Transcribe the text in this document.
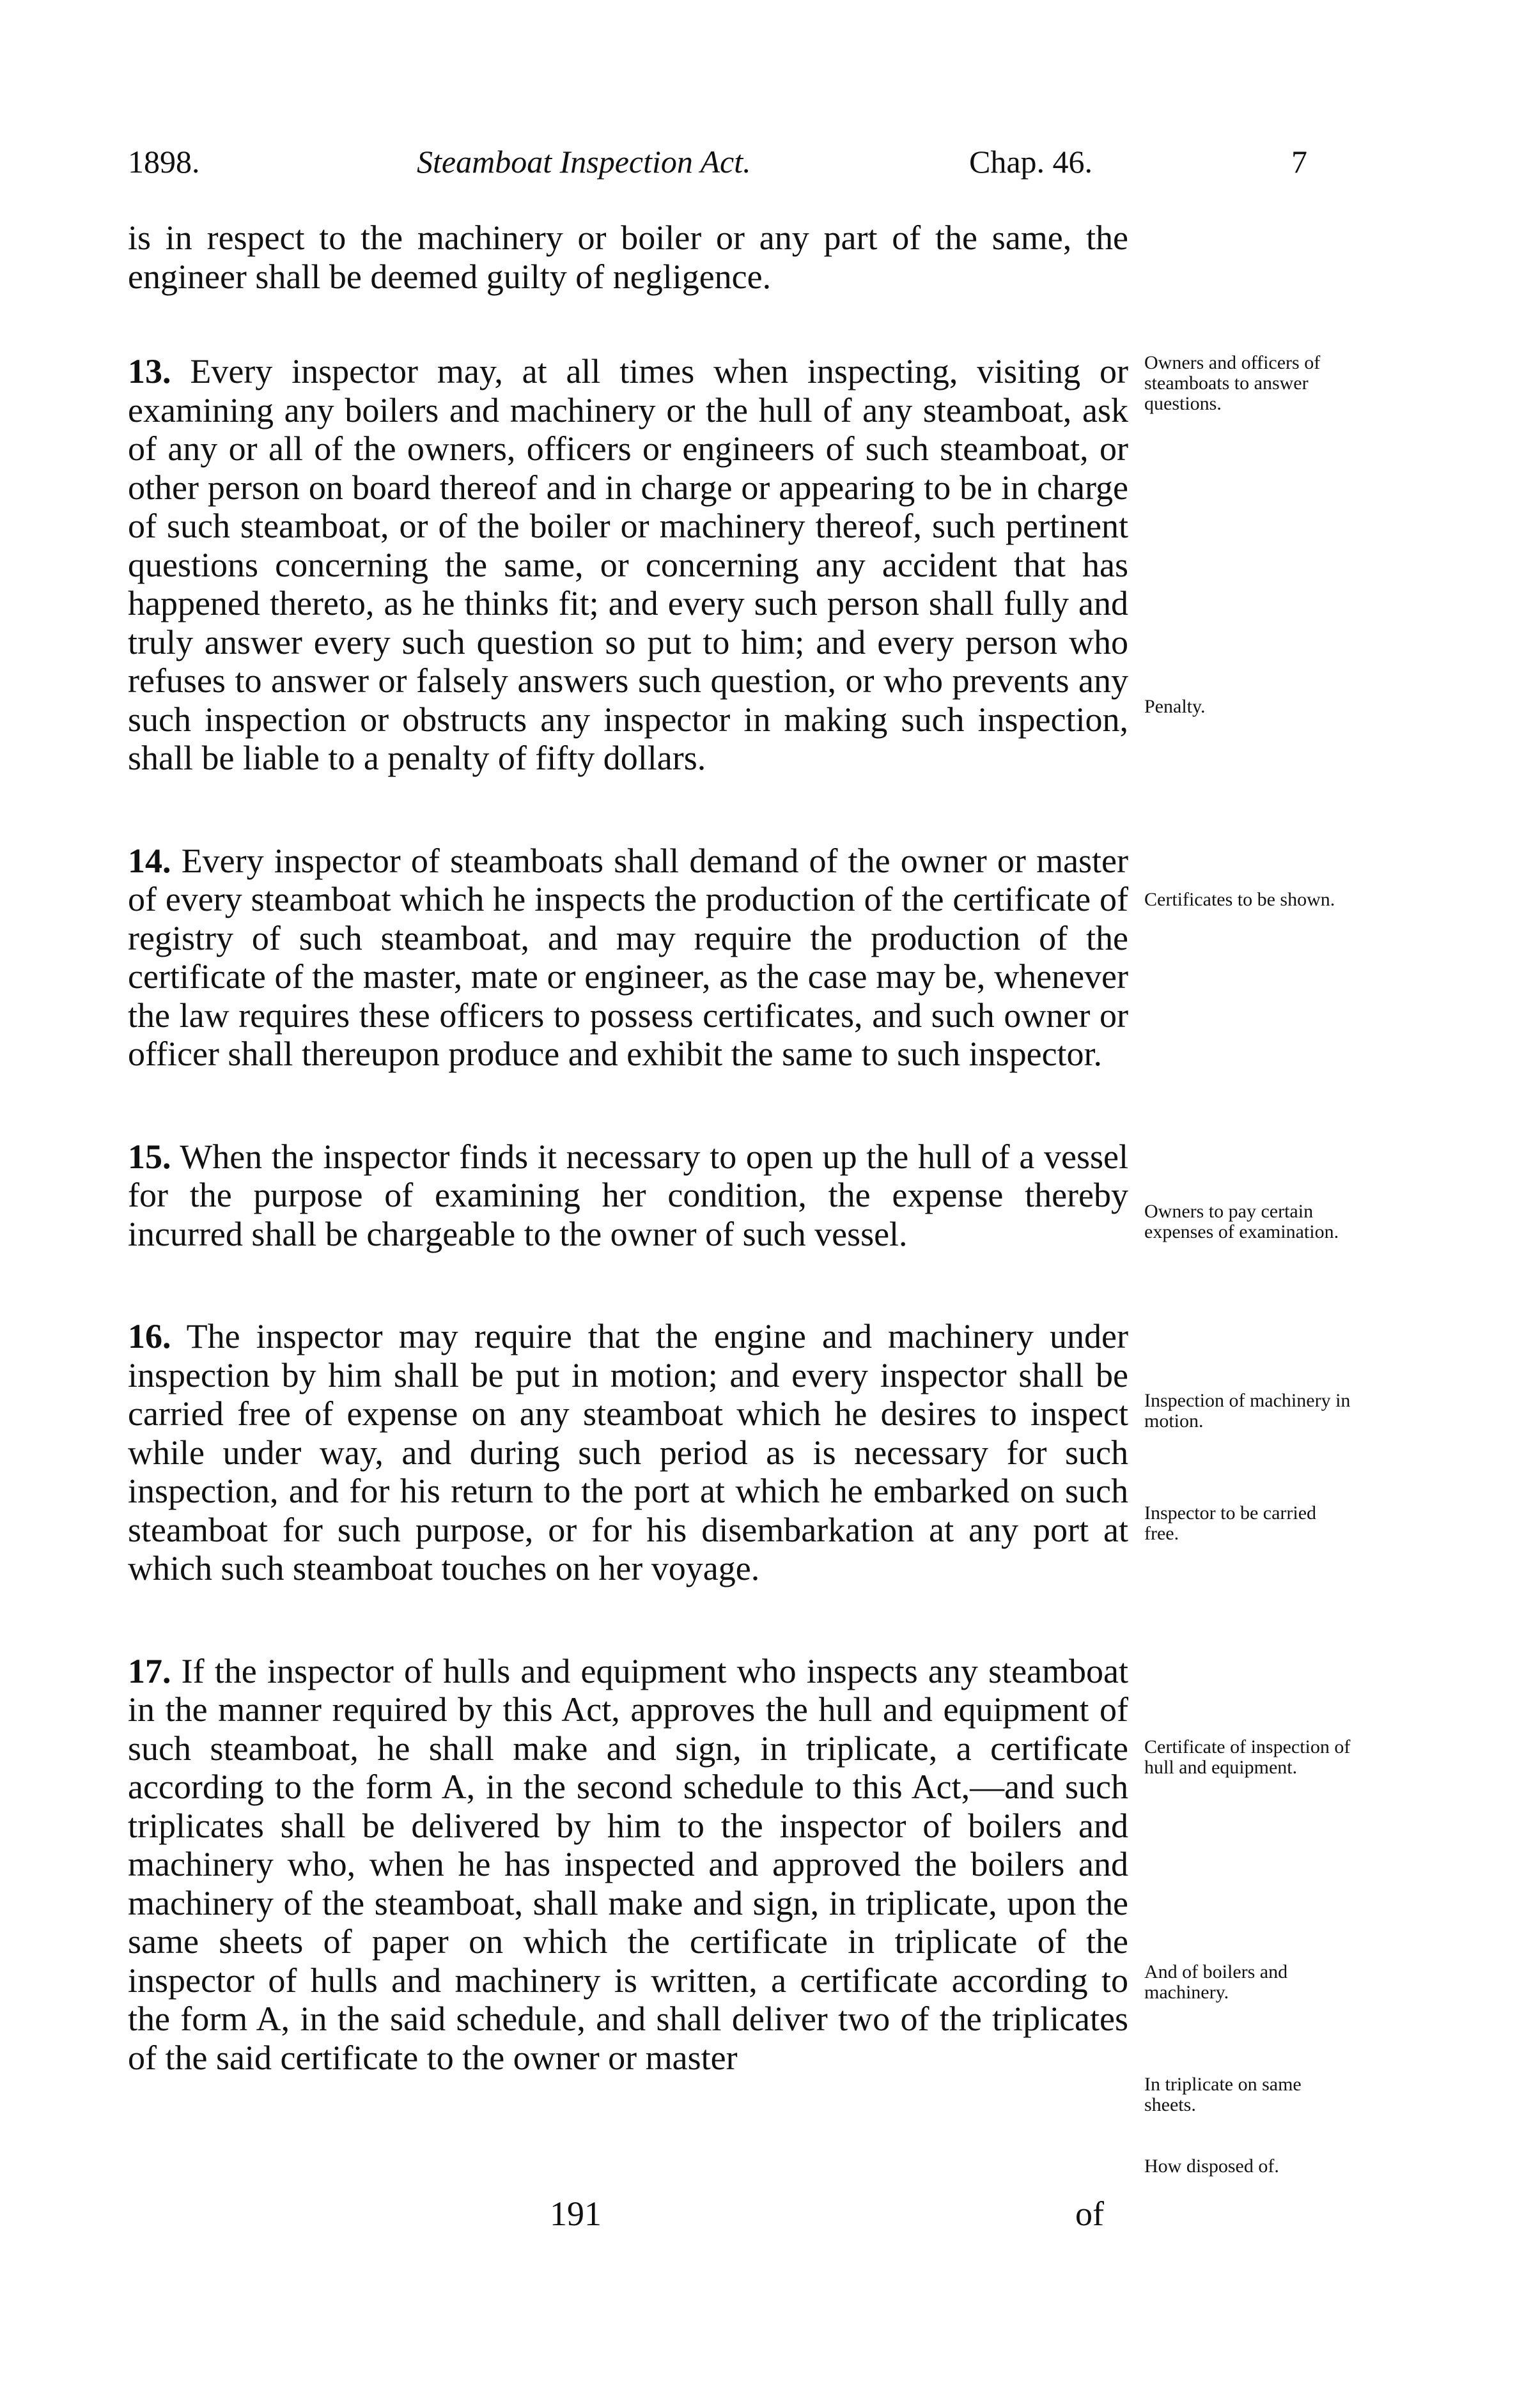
1898.	Steamboat Inspection Act.	Chap. 46.	7

is in respect to the machinery or boiler or any part of the same, the engineer shall be deemed guilty of negligence.

13. Every inspector may, at all times when inspecting, visiting or examining any boilers and machinery or the hull of any steamboat, ask of any or all of the owners, officers or engineers of such steamboat, or other person on board thereof and in charge or appearing to be in charge of such steamboat, or of the boiler or machinery thereof, such pertinent questions concerning the same, or concerning any accident that has happened thereto, as he thinks fit; and every such person shall fully and truly answer every such question so put to him; and every person who refuses to answer or falsely answers such question, or who prevents any such inspection or obstructs any inspector in making such inspection, shall be liable to a penalty of fifty dollars.

14. Every inspector of steamboats shall demand of the owner or master of every steamboat which he inspects the production of the certificate of registry of such steamboat, and may require the production of the certificate of the master, mate or engineer, as the case may be, whenever the law requires these officers to possess certificates, and such owner or officer shall thereupon produce and exhibit the same to such inspector.

15. When the inspector finds it necessary to open up the hull of a vessel for the purpose of examining her condition, the expense thereby incurred shall be chargeable to the owner of such vessel.

16. The inspector may require that the engine and machinery under inspection by him shall be put in motion; and every inspector shall be carried free of expense on any steamboat which he desires to inspect while under way, and during such period as is necessary for such inspection, and for his return to the port at which he embarked on such steamboat for such purpose, or for his disembarkation at any port at which such steamboat touches on her voyage.

17. If the inspector of hulls and equipment who inspects any steamboat in the manner required by this Act, approves the hull and equipment of such steamboat, he shall make and sign, in triplicate, a certificate according to the form A, in the second schedule to this Act,—and such triplicates shall be delivered by him to the inspector of boilers and machinery who, when he has inspected and approved the boilers and machinery of the steamboat, shall make and sign, in triplicate, upon the same sheets of paper on which the certificate in triplicate of the inspector of hulls and machinery is written, a certificate according to the form A, in the said schedule, and shall deliver two of the triplicates of the said certificate to the owner or master

Owners and officers of steamboats to answer questions.
Penalty.
Certificates to be shown.
Owners to pay certain expenses of examination.
Inspection of machinery in motion.
Inspector to be carried free.
Certificate of inspection of hull and equipment.
And of boilers and machinery.
In triplicate on same sheets.
How disposed of.
191	of
